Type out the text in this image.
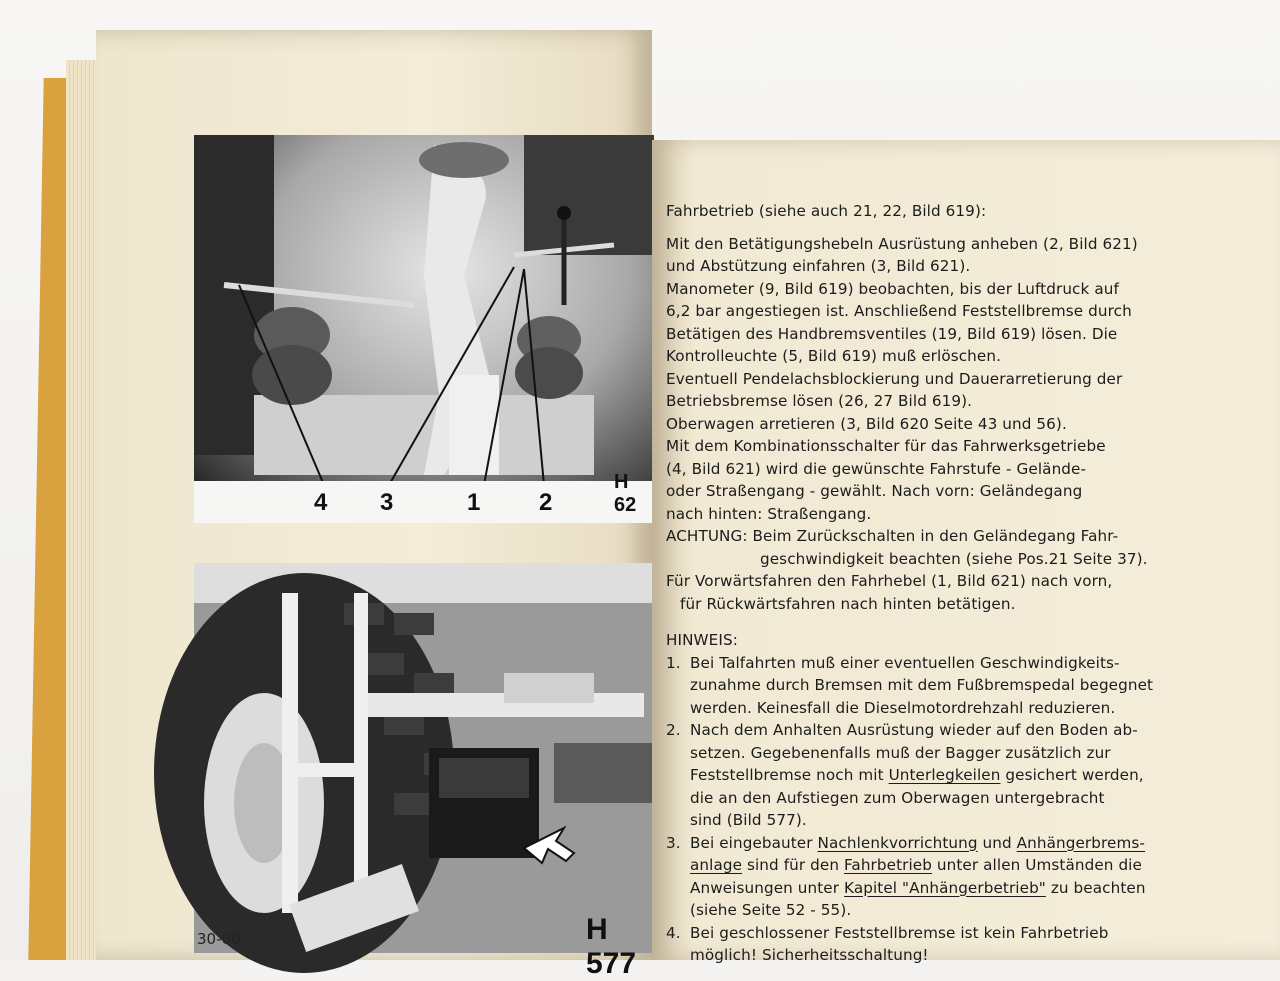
4 3	1 2
H 62
H 577
30-00
Fahrbetrieb (siehe auch 21, 22, Bild 619):
Mit den Betätigungshebeln Ausrüstung anheben (2, Bild 621)
und Abstützung einfahren (3, Bild 621).
Manometer (9, Bild 619) beobachten, bis der Luftdruck auf
6,2 bar angestiegen ist. Anschließend Feststellbremse durch
Betätigen des Handbremsventiles (19, Bild 619) lösen. Die
Kontrolleuchte (5, Bild 619) muß erlöschen.
Eventuell Pendelachsblockierung und Dauerarretierung der
Betriebsbremse lösen (26, 27 Bild 619).
Oberwagen arretieren (3, Bild 620 Seite 43 und 56).
Mit dem Kombinationsschalter für das Fahrwerksgetriebe
(4, Bild 621) wird die gewünschte Fahrstufe - Gelände-
oder Straßengang - gewählt. Nach vorn: Geländegang
nach hinten: Straßengang.
ACHTUNG: Beim Zurückschalten in den Geländegang Fahr-
geschwindigkeit beachten (siehe Pos.21 Seite 37).
Für Vorwärtsfahren den Fahrhebel (1, Bild 621) nach vorn,
für Rückwärtsfahren nach hinten betätigen.
HINWEIS:
1. Bei Talfahrten muß einer eventuellen Geschwindigkeits-
zunahme durch Bremsen mit dem Fußbremspedal begegnet
werden. Keinesfall die Dieselmotordrehzahl reduzieren.
2. Nach dem Anhalten Ausrüstung wieder auf den Boden ab-
setzen. Gegebenenfalls muß der Bagger zusätzlich zur
Feststellbremse noch mit Unterlegkeilen gesichert werden,
die an den Aufstiegen zum Oberwagen untergebracht
sind (Bild 577).
3. Bei eingebauter Nachlenkvorrichtung und Anhängerbrems-
anlage sind für den Fahrbetrieb unter allen Umständen die
Anweisungen unter Kapitel "Anhängerbetrieb" zu beachten
(siehe Seite 52 - 55).
4. Bei geschlossener Feststellbremse ist kein Fahrbetrieb
möglich! Sicherheitsschaltung!
